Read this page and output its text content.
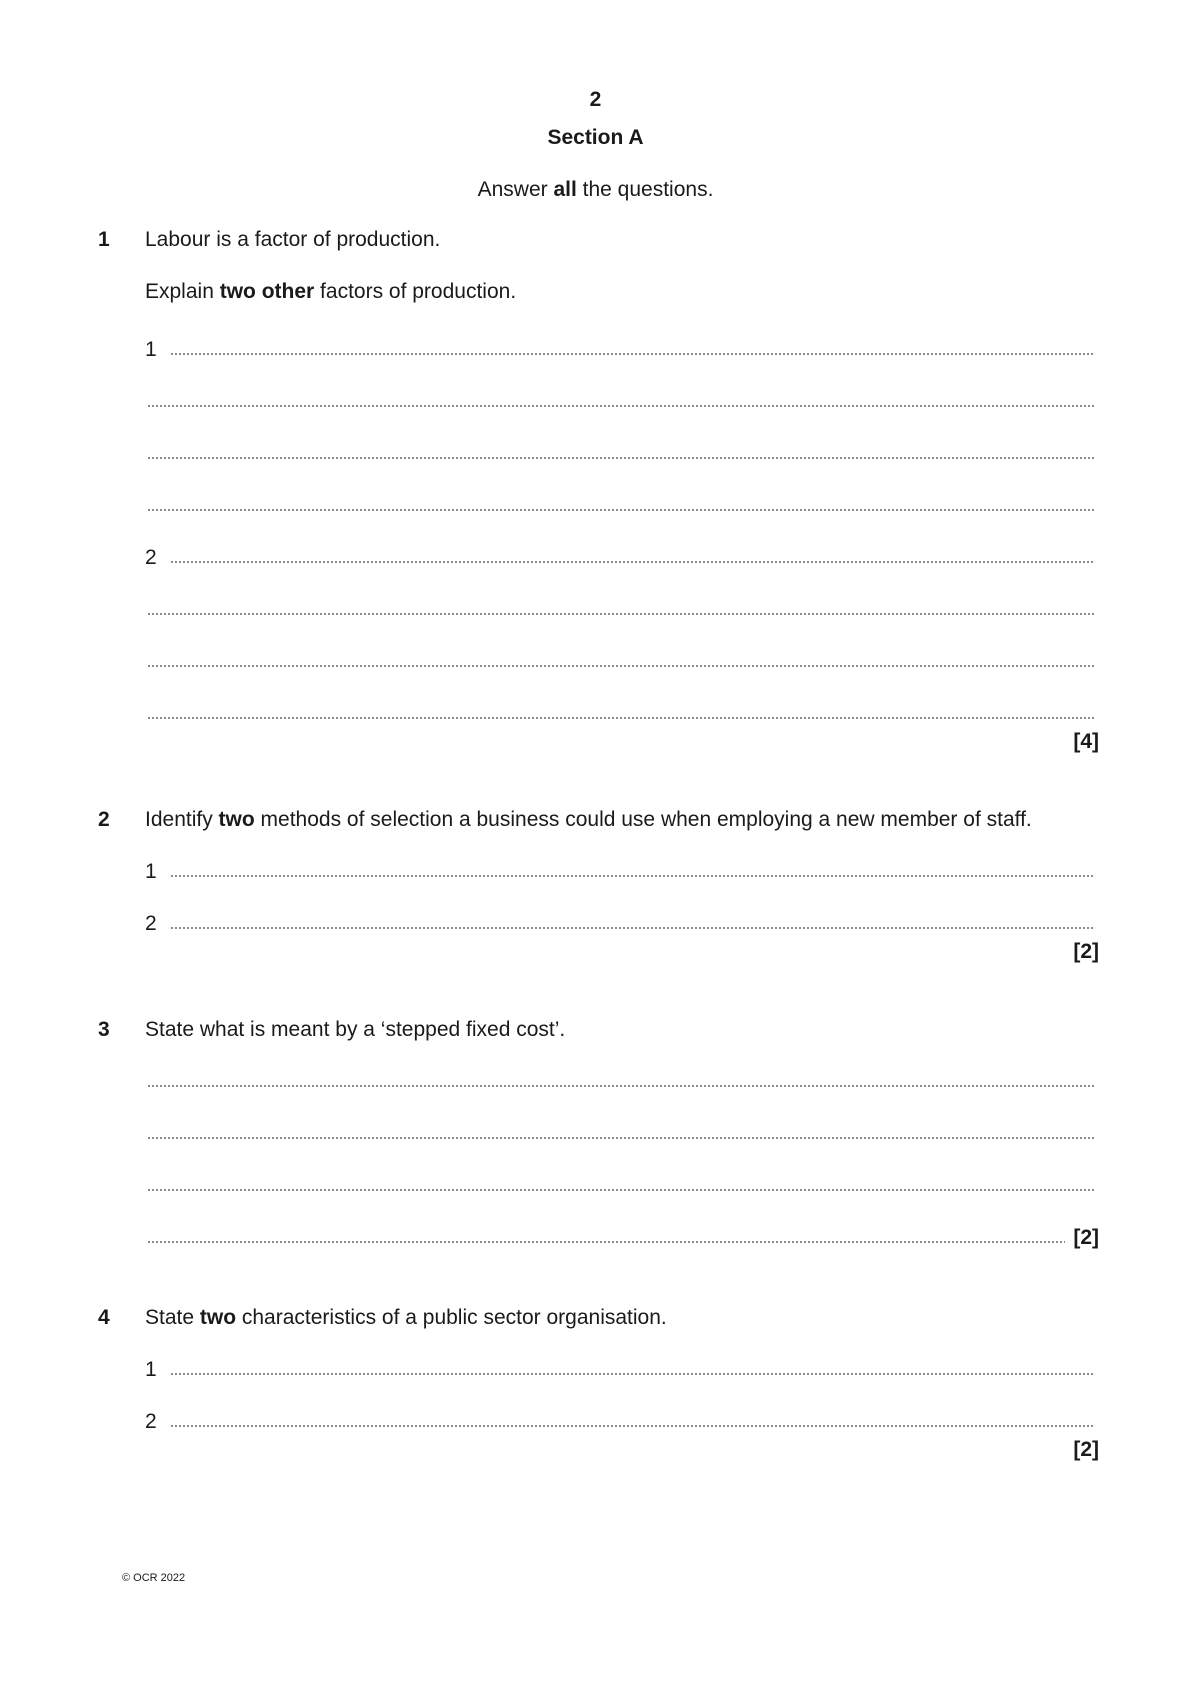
2
Section A
Answer all the questions.
1 Labour is a factor of production.
Explain two other factors of production.
1
2
[4]
2 Identify two methods of selection a business could use when employing a new member of staff.
1
2
[2]
3 State what is meant by a ‘stepped fixed cost’.
[2]
4 State two characteristics of a public sector organisation.
1
2
[2]
© OCR 2022
